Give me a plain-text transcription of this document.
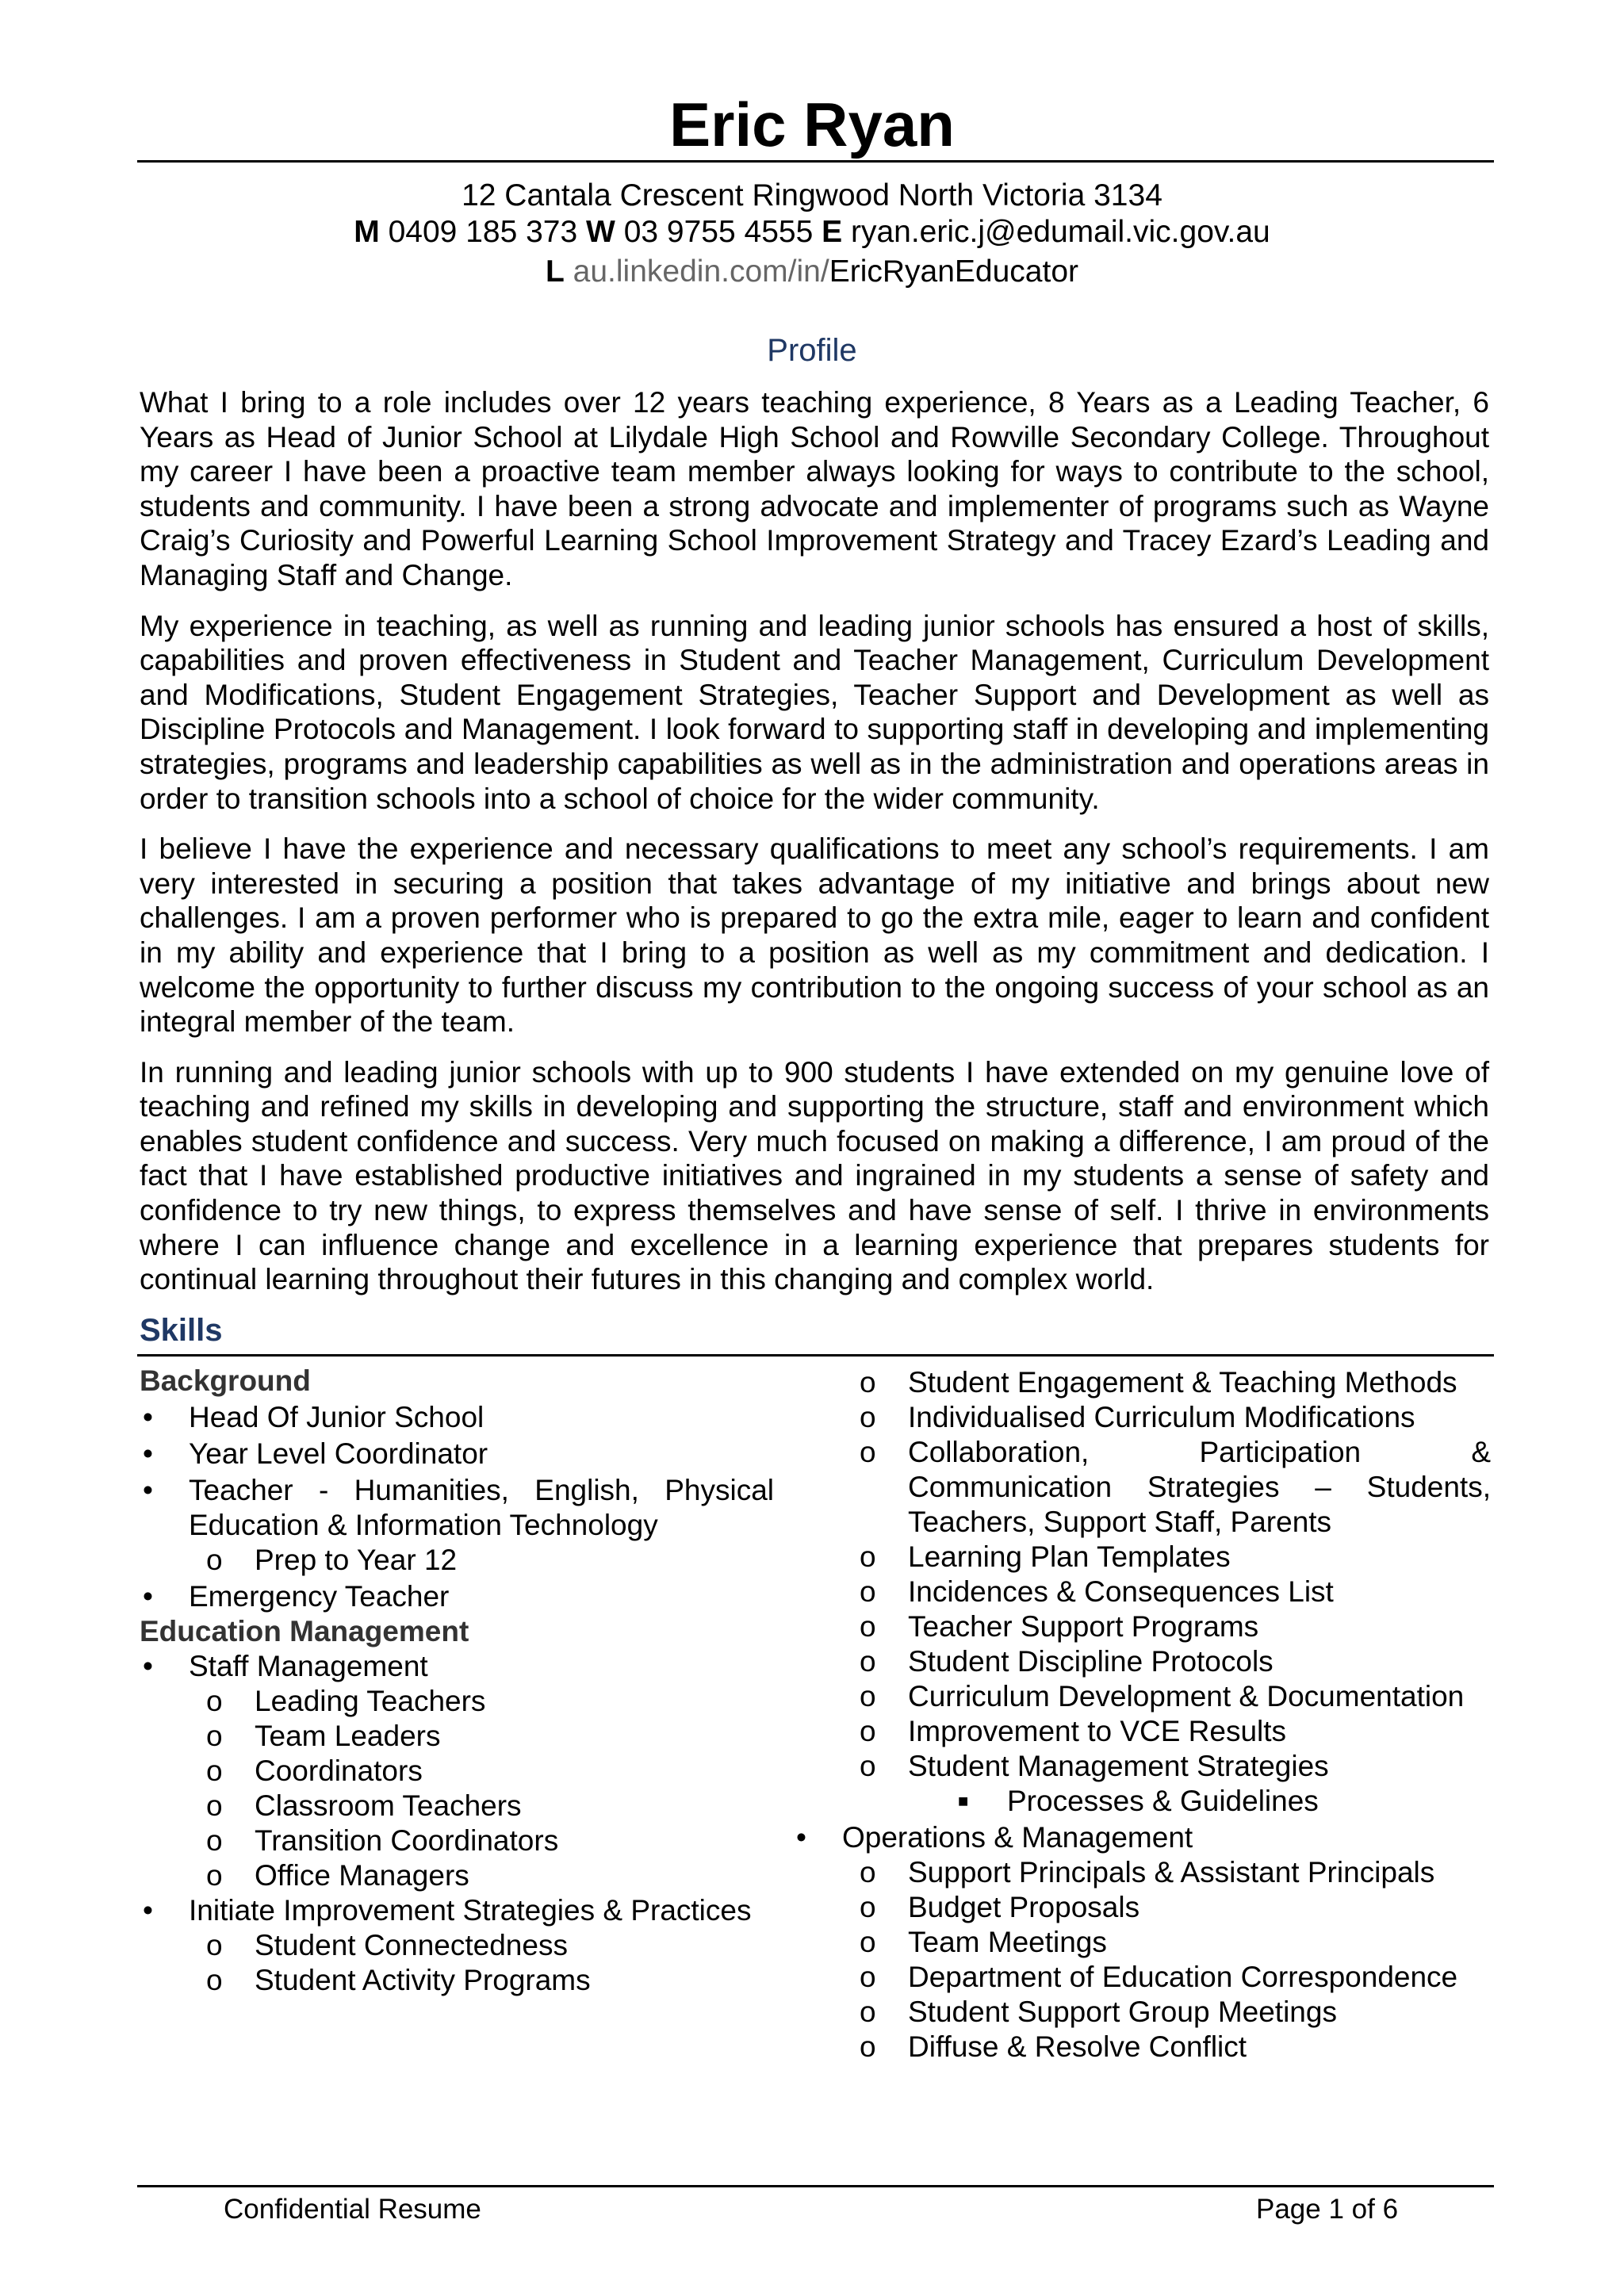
Eric Ryan
12 Cantala Crescent Ringwood North Victoria 3134
M 0409 185 373 W 03 9755 4555 E ryan.eric.j@edumail.vic.gov.au
L au.linkedin.com/in/EricRyanEducator
Profile

What I bring to a role includes over 12 years teaching experience, 8 Years as a Leading Teacher, 6 Years as Head of Junior School at Lilydale High School and Rowville Secondary College. Throughout my career I have been a proactive team member always looking for ways to contribute to the school, students and community. I have been a strong advocate and implementer of programs such as Wayne Craig’s Curiosity and Powerful Learning School Improvement Strategy and Tracey Ezard’s Leading and Managing Staff and Change.

My experience in teaching, as well as running and leading junior schools has ensured a host of skills, capabilities and proven effectiveness in Student and Teacher Management, Curriculum Development and Modifications, Student Engagement Strategies, Teacher Support and Development as well as Discipline Protocols and Management. I look forward to supporting staff in developing and implementing strategies, programs and leadership capabilities as well as in the administration and operations areas in order to transition schools into a school of choice for the wider community.

I believe I have the experience and necessary qualifications to meet any school’s requirements. I am very interested in securing a position that takes advantage of my initiative and brings about new challenges. I am a proven performer who is prepared to go the extra mile, eager to learn and confident in my ability and experience that I bring to a position as well as my commitment and dedication. I welcome the opportunity to further discuss my contribution to the ongoing success of your school as an integral member of the team.

In running and leading junior schools with up to 900 students I have extended on my genuine love of teaching and refined my skills in developing and supporting the structure, staff and environment which enables student confidence and success. Very much focused on making a difference, I am proud of the fact that I have established productive initiatives and ingrained in my students a sense of safety and confidence to try new things, to express themselves and have sense of self. I thrive in environments where I can influence change and excellence in a learning experience that prepares students for continual learning throughout their futures in this changing and complex world.

Skills
Background
• Head Of Junior School
• Year Level Coordinator
• Teacher - Humanities, English, Physical Education & Information Technology
o Prep to Year 12
• Emergency Teacher
Education Management
• Staff Management
o Leading Teachers
o Team Leaders
o Coordinators
o Classroom Teachers
o Transition Coordinators
o Office Managers
• Initiate Improvement Strategies & Practices
o Student Connectedness
o Student Activity Programs
o Student Engagement & Teaching Methods
o Individualised Curriculum Modifications
o Collaboration, Participation & Communication Strategies – Students, Teachers, Support Staff, Parents
o Learning Plan Templates
o Incidences & Consequences List
o Teacher Support Programs
o Student Discipline Protocols
o Curriculum Development & Documentation
o Improvement to VCE Results
o Student Management Strategies
■ Processes & Guidelines
• Operations & Management
o Support Principals & Assistant Principals
o Budget Proposals
o Team Meetings
o Department of Education Correspondence
o Student Support Group Meetings
o Diffuse & Resolve Conflict
Confidential Resume	Page 1 of 6
